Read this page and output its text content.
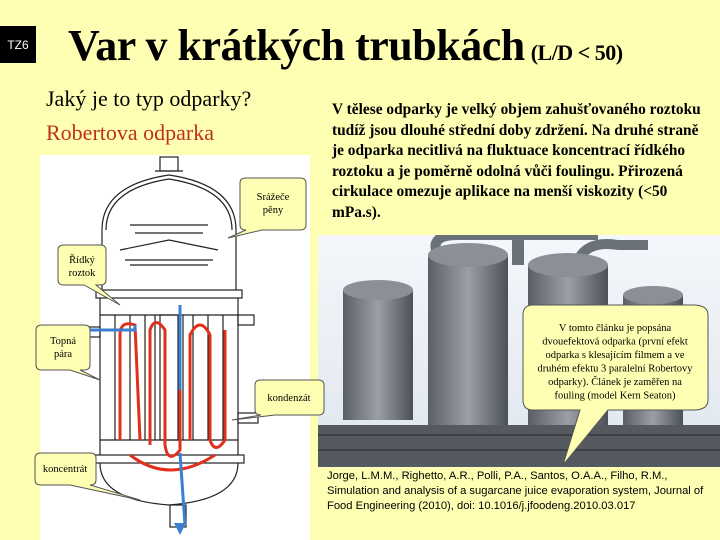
TZ6 Var v krátkých trubkách (L/D < 50)
Jaký je to typ odparky?
Robertova odparka
V tělese odparky je velký objem zahušťovaného roztoku tudíž jsou dlouhé střední doby zdržení. Na druhé straně je odparka necitlivá na fluktuace koncentrací řídkého roztoku a je poměrně odolná vůči foulingu. Přirozená cirkulace omezuje aplikace na menší viskozity (<50 mPa.s).
V tomto článku je popsána
dvouefektová odparka (první efekt
odparka s klesajícím filmem a ve
druhém efektu 3 paralelní Robertovy
odparky). Článek je zaměřen na
fouling (model Kern Seaton)
Srážeče
pěny
Řídký
roztok
Topná
pára
kondenzát
koncentrát
Jorge, L.M.M., Righetto, A.R., Polli, P.A., Santos, O.A.A., Filho, R.M., Simulation and analysis of a sugarcane juice evaporation system, Journal of Food Engineering (2010), doi: 10.1016/j.jfoodeng.2010.03.017
